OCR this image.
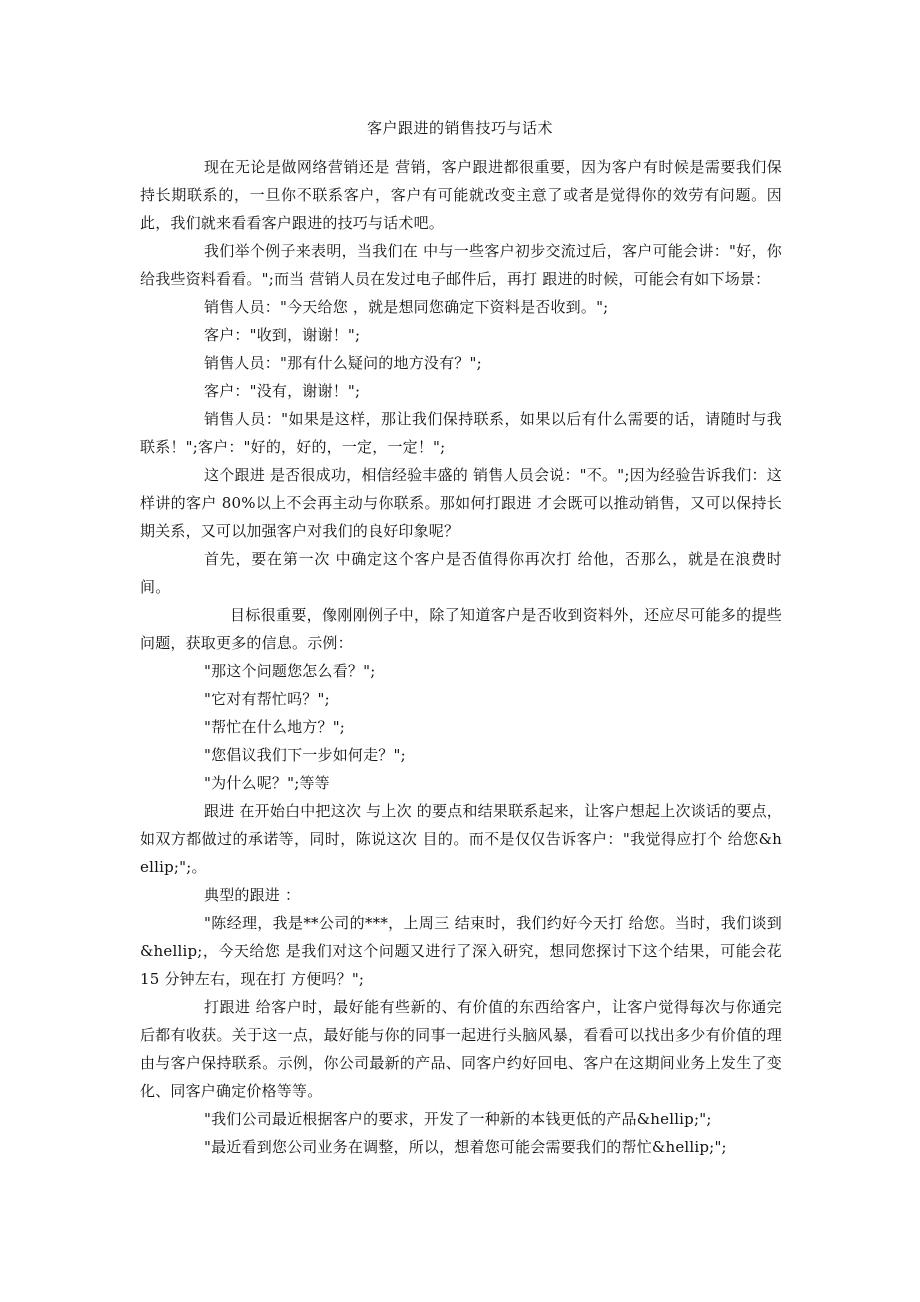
客户跟进的销售技巧与话术

现在无论是做网络营销还是 营销，客户跟进都很重要，因为客户有时候是需要我们保持长期联系的，一旦你不联系客户，客户有可能就改变主意了或者是觉得你的效劳有问题。因此，我们就来看看客户跟进的技巧与话术吧。

我们举个例子来表明，当我们在 中与一些客户初步交流过后，客户可能会讲："好，你给我些资料看看。";而当 营销人员在发过电子邮件后，再打 跟进的时候，可能会有如下场景：

销售人员："今天给您 ，就是想同您确定下资料是否收到。";

客户："收到，谢谢！";

销售人员："那有什么疑问的地方没有？";

客户："没有，谢谢！";

销售人员："如果是这样，那让我们保持联系，如果以后有什么需要的话，请随时与我联系！";客户："好的，好的，一定，一定！";

这个跟进 是否很成功，相信经验丰盛的 销售人员会说："不。";因为经验告诉我们：这样讲的客户 80%以上不会再主动与你联系。那如何打跟进 才会既可以推动销售，又可以保持长期关系，又可以加强客户对我们的良好印象呢？

首先，要在第一次 中确定这个客户是否值得你再次打 给他，否那么，就是在浪费时间。

目标很重要，像刚刚例子中，除了知道客户是否收到资料外，还应尽可能多的提些问题，获取更多的信息。示例：

"那这个问题您怎么看？";

"它对有帮忙吗？";

"帮忙在什么地方？";

"您倡议我们下一步如何走？";

"为什么呢？";等等

跟进 在开始白中把这次 与上次 的要点和结果联系起来，让客户想起上次谈话的要点，如双方都做过的承诺等，同时，陈说这次 目的。而不是仅仅告诉客户："我觉得应打个 给您&hellip;";。

典型的跟进 ：

"陈经理，我是**公司的***，上周三 结束时，我们约好今天打 给您。当时，我们谈到&hellip;，今天给您 是我们对这个问题又进行了深入研究，想同您探讨下这个结果，可能会花 15 分钟左右，现在打 方便吗？";

打跟进 给客户时，最好能有些新的、有价值的东西给客户，让客户觉得每次与你通完 后都有收获。关于这一点，最好能与你的同事一起进行头脑风暴，看看可以找出多少有价值的理由与客户保持联系。示例，你公司最新的产品、同客户约好回电、客户在这期间业务上发生了变化、同客户确定价格等等。

"我们公司最近根据客户的要求，开发了一种新的本钱更低的产品&hellip;";

"最近看到您公司业务在调整，所以，想着您可能会需要我们的帮忙&hellip;";
